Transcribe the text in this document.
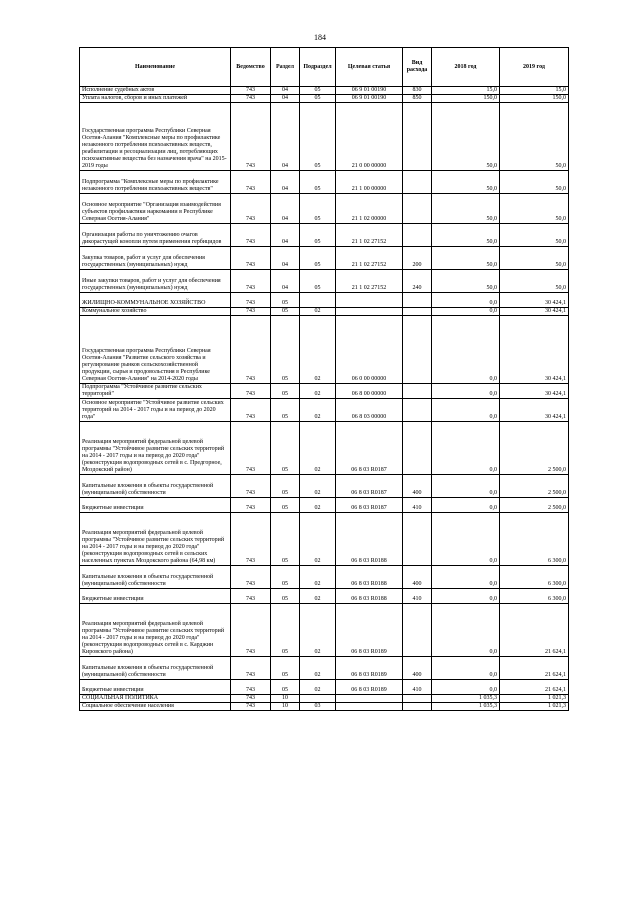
184
Наименование	Ведомство	Раздел	Подраздел	Целевая статья	Вид расхода	2018 год	2019 год
Исполнение судебных актов	743	04	05	06 9 01 00190	830	15,0	15,0
Уплата налогов, сборов и иных платежей	743	04	05	06 9 01 00190	850	150,0	150,0
Государственная программа Республики Северная Осетия-Алания "Комплексные меры по профилактике незаконного потребления психоактивных веществ, реабилитации и ресоциализации лиц, потребляющих психоактивные вещества без назначения врача" на 2015-2019 годы	743	04	05	21 0 00 00000		50,0	50,0
Подпрограмма "Комплексные меры по профилактике незаконного потребления психоактивных веществ"	743	04	05	21 1 00 00000		50,0	50,0
Основное мероприятие "Организация взаимодействия субъектов профилактики наркомании в Республике Северная Осетия-Алания"	743	04	05	21 1 02 00000		50,0	50,0
Организация работы по уничтожению очагов дикорастущей конопли путем применения гербицидов	743	04	05	21 1 02 27152		50,0	50,0
Закупка товаров, работ и услуг для обеспечения государственных (муниципальных) нужд	743	04	05	21 1 02 27152	200	50,0	50,0
Иные закупки товаров, работ и услуг для обеспечения государственных (муниципальных) нужд	743	04	05	21 1 02 27152	240	50,0	50,0
ЖИЛИЩНО-КОММУНАЛЬНОЕ ХОЗЯЙСТВО	743	05				0,0	30 424,1
Коммунальное хозяйство	743	05	02			0,0	30 424,1
Государственная программа Республики Северная Осетия-Алания "Развитие сельского хозяйства и регулирование рынков сельскохозяйственной продукции, сырья и продовольствия в Республике Северная Осетия-Алания" на 2014-2020 годы	743	05	02	06 0 00 00000		0,0	30 424,1
Подпрограмма "Устойчивое развитие сельских территорий"	743	05	02	06 8 00 00000		0,0	30 424,1
Основное мероприятие "Устойчивое развитие сельских территорий на 2014 - 2017 годы и на период до 2020 года"	743	05	02	06 8 03 00000		0,0	30 424,1
Реализация мероприятий федеральной целевой программы "Устойчивое развитие сельских территорий на 2014 - 2017 годы и на период до 2020 года" (реконструкция водопроводных сетей в с. Предгорное, Моздокский район)	743	05	02	06 8 03 R0187		0,0	2 500,0
Капитальные вложения в объекты государственной (муниципальной) собственности	743	05	02	06 8 03 R0187	400	0,0	2 500,0
Бюджетные инвестиции	743	05	02	06 8 03 R0187	410	0,0	2 500,0
Реализация мероприятий федеральной целевой программы "Устойчивое развитие сельских территорий на 2014 - 2017 годы и на период до 2020 года" (реконструкция водопроводных сетей в сельских населенных пунктах Моздокского района (64,98 км)	743	05	02	06 8 03 R0188		0,0	6 300,0
Капитальные вложения в объекты государственной (муниципальной) собственности	743	05	02	06 8 03 R0188	400	0,0	6 300,0
Бюджетные инвестиции	743	05	02	06 8 03 R0188	410	0,0	6 300,0
Реализация мероприятий федеральной целевой программы "Устойчивое развитие сельских территорий на 2014 - 2017 годы и на период до 2020 года" (реконструкция водопроводных сетей в с. Карджин Кировского района)	743	05	02	06 8 03 R0189		0,0	21 624,1
Капитальные вложения в объекты государственной (муниципальной) собственности	743	05	02	06 8 03 R0189	400	0,0	21 624,1
Бюджетные инвестиции	743	05	02	06 8 03 R0189	410	0,0	21 624,1
СОЦИАЛЬНАЯ ПОЛИТИКА	743	10				1 035,3	1 021,3
Социальное обеспечение населения	743	10	03			1 035,3	1 021,3
